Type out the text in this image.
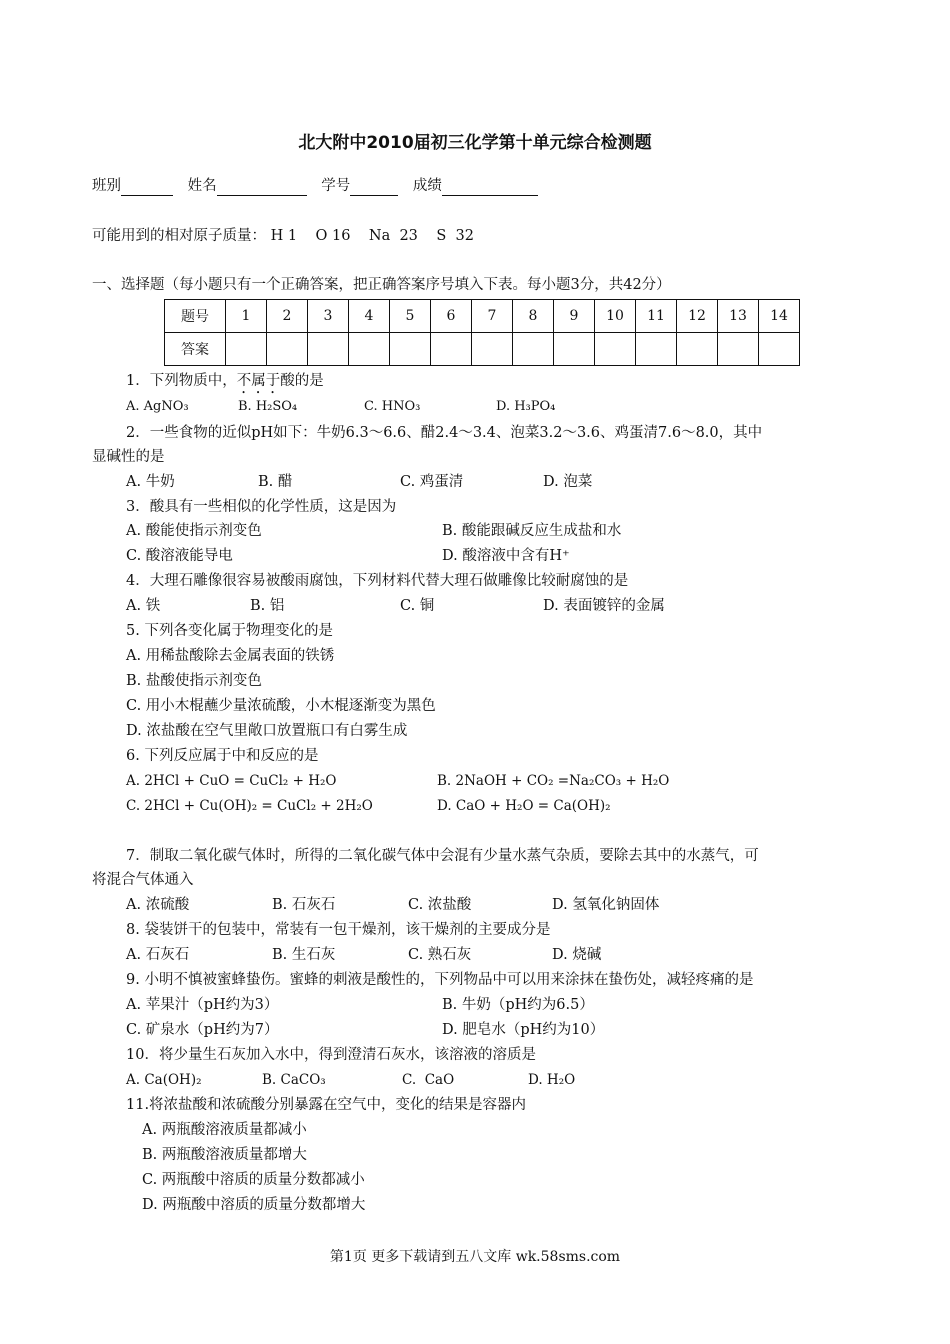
北大附中2010届初三化学第十单元综合检测题
班别	姓名	学号	成绩
可能用到的相对原子质量： H 1    O 16    Na  23    S  32
一、选择题（每小题只有一个正确答案，把正确答案序号填入下表。每小题3分，共42分）
题号	1	2	3	4	5	6	7	8	9	10	11	12	13	14
答案														
1．下列物质中，不属于酸的是
A. AgNO₃	B. H₂SO₄	C. HNO₃	D. H₃PO₄
2．一些食物的近似pH如下：牛奶6.3～6.6、醋2.4～3.4、泡菜3.2～3.6、鸡蛋清7.6～8.0，其中
显碱性的是
A. 牛奶	B. 醋	C. 鸡蛋清	D. 泡菜
3．酸具有一些相似的化学性质，这是因为
A. 酸能使指示剂变色	B. 酸能跟碱反应生成盐和水
C. 酸溶液能导电	D. 酸溶液中含有H⁺
4．大理石雕像很容易被酸雨腐蚀，下列材料代替大理石做雕像比较耐腐蚀的是
A. 铁	B. 铝	C. 铜	D. 表面镀锌的金属
5. 下列各变化属于物理变化的是
A. 用稀盐酸除去金属表面的铁锈
B. 盐酸使指示剂变色
C. 用小木棍蘸少量浓硫酸，小木棍逐渐变为黑色
D. 浓盐酸在空气里敞口放置瓶口有白雾生成
6. 下列反应属于中和反应的是
A. 2HCl + CuO = CuCl₂ + H₂O	B. 2NaOH + CO₂ =Na₂CO₃ + H₂O
C. 2HCl + Cu(OH)₂ = CuCl₂ + 2H₂O	D. CaO + H₂O = Ca(OH)₂
7．制取二氧化碳气体时，所得的二氧化碳气体中会混有少量水蒸气杂质，要除去其中的水蒸气，可
将混合气体通入
A. 浓硫酸	B. 石灰石	C. 浓盐酸	D. 氢氧化钠固体
8. 袋装饼干的包装中，常装有一包干燥剂，该干燥剂的主要成分是
A. 石灰石	B. 生石灰	C. 熟石灰	D. 烧碱
9. 小明不慎被蜜蜂蛰伤。蜜蜂的刺液是酸性的，下列物品中可以用来涂抹在蛰伤处，减轻疼痛的是
A. 苹果汁（pH约为3）	B. 牛奶（pH约为6.5）
C. 矿泉水（pH约为7）	D. 肥皂水（pH约为10）
10．将少量生石灰加入水中，得到澄清石灰水，该溶液的溶质是
A. Ca(OH)₂	B. CaCO₃	C.  CaO	D. H₂O
11.将浓盐酸和浓硫酸分别暴露在空气中，变化的结果是容器内
A. 两瓶酸溶液质量都减小
B. 两瓶酸溶液质量都增大
C. 两瓶酸中溶质的质量分数都减小
D. 两瓶酸中溶质的质量分数都增大
第1页 更多下载请到五八文库 wk.58sms.com
